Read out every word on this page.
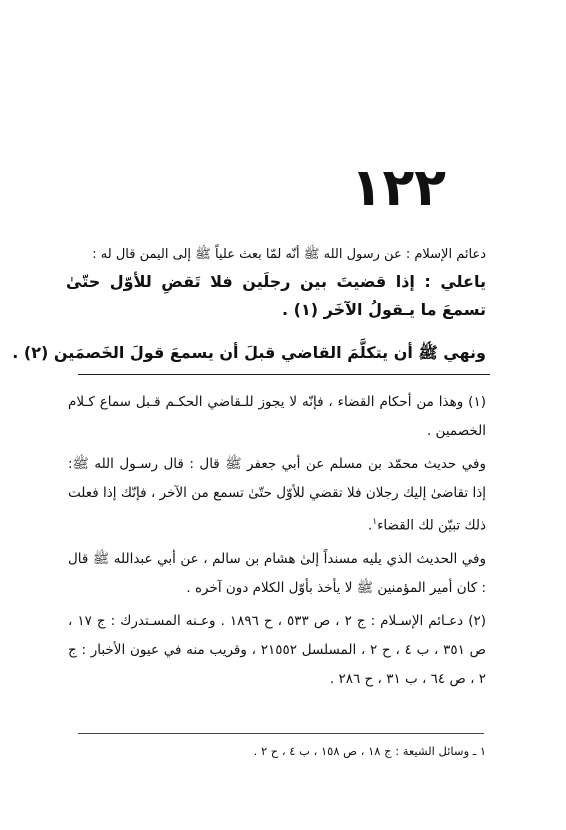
١٢٢
دعائم الإسلام : عن رسول الله ﷺ أنّه لمّا بعث علياً ﷺ إلى اليمن قال له :
ياعلي : إذا قضيتَ بين رجلَين فلا تَقضِ للأوّل حتّىٰ تسمعَ ما يـقولُ الآخَر (١) .
ونهي ﷺ أن يتكلَّمَ القاضي قبلَ أن يسمعَ قولَ الخَصمَين (٢) .

(١) وهذا من أحكام القضاء ، فإنّه لا يجوز للـقاضي الحكـم قـبل سماع كـلام الخصمين .

وفي حديث محمّد بن مسلم عن أبي جعفر ﷺ قال : قال رسـول الله ﷺ: إذا تقاضىٰ إليك رجلان فلا تقضي للأوّل حتّىٰ تسمع من الآخر ، فإنّك إذا فعلت ذلك تبيّن لك القضاء$^١$.

وفي الحديث الذي يليه مسنداً إلىٰ هشام بن سالم ، عن أبي عبدالله ﷺ قال : كان أمير المؤمنين ﷺ لا يأخذ بأوّل الكلام دون آخره .

(٢) دعـائم الإسـلام : ج ٢ ، ص ٥٣٣ ، ح ١٨٩٦ . وعـنه المسـتدرك : ج ١٧ ، ص ٣٥١ ، ب ٤ ، ح ٢ ، المسلسل ٢١٥٥٢ ، وقريب منه في عيون الأخبار : ج ٢ ، ص ٦٤ ، ب ٣١ ، ح ٢٨٦ .

١ ـ وسائل الشيعة : ج ١٨ ، ص ١٥٨ ، ب ٤ ، ح ٢ .
